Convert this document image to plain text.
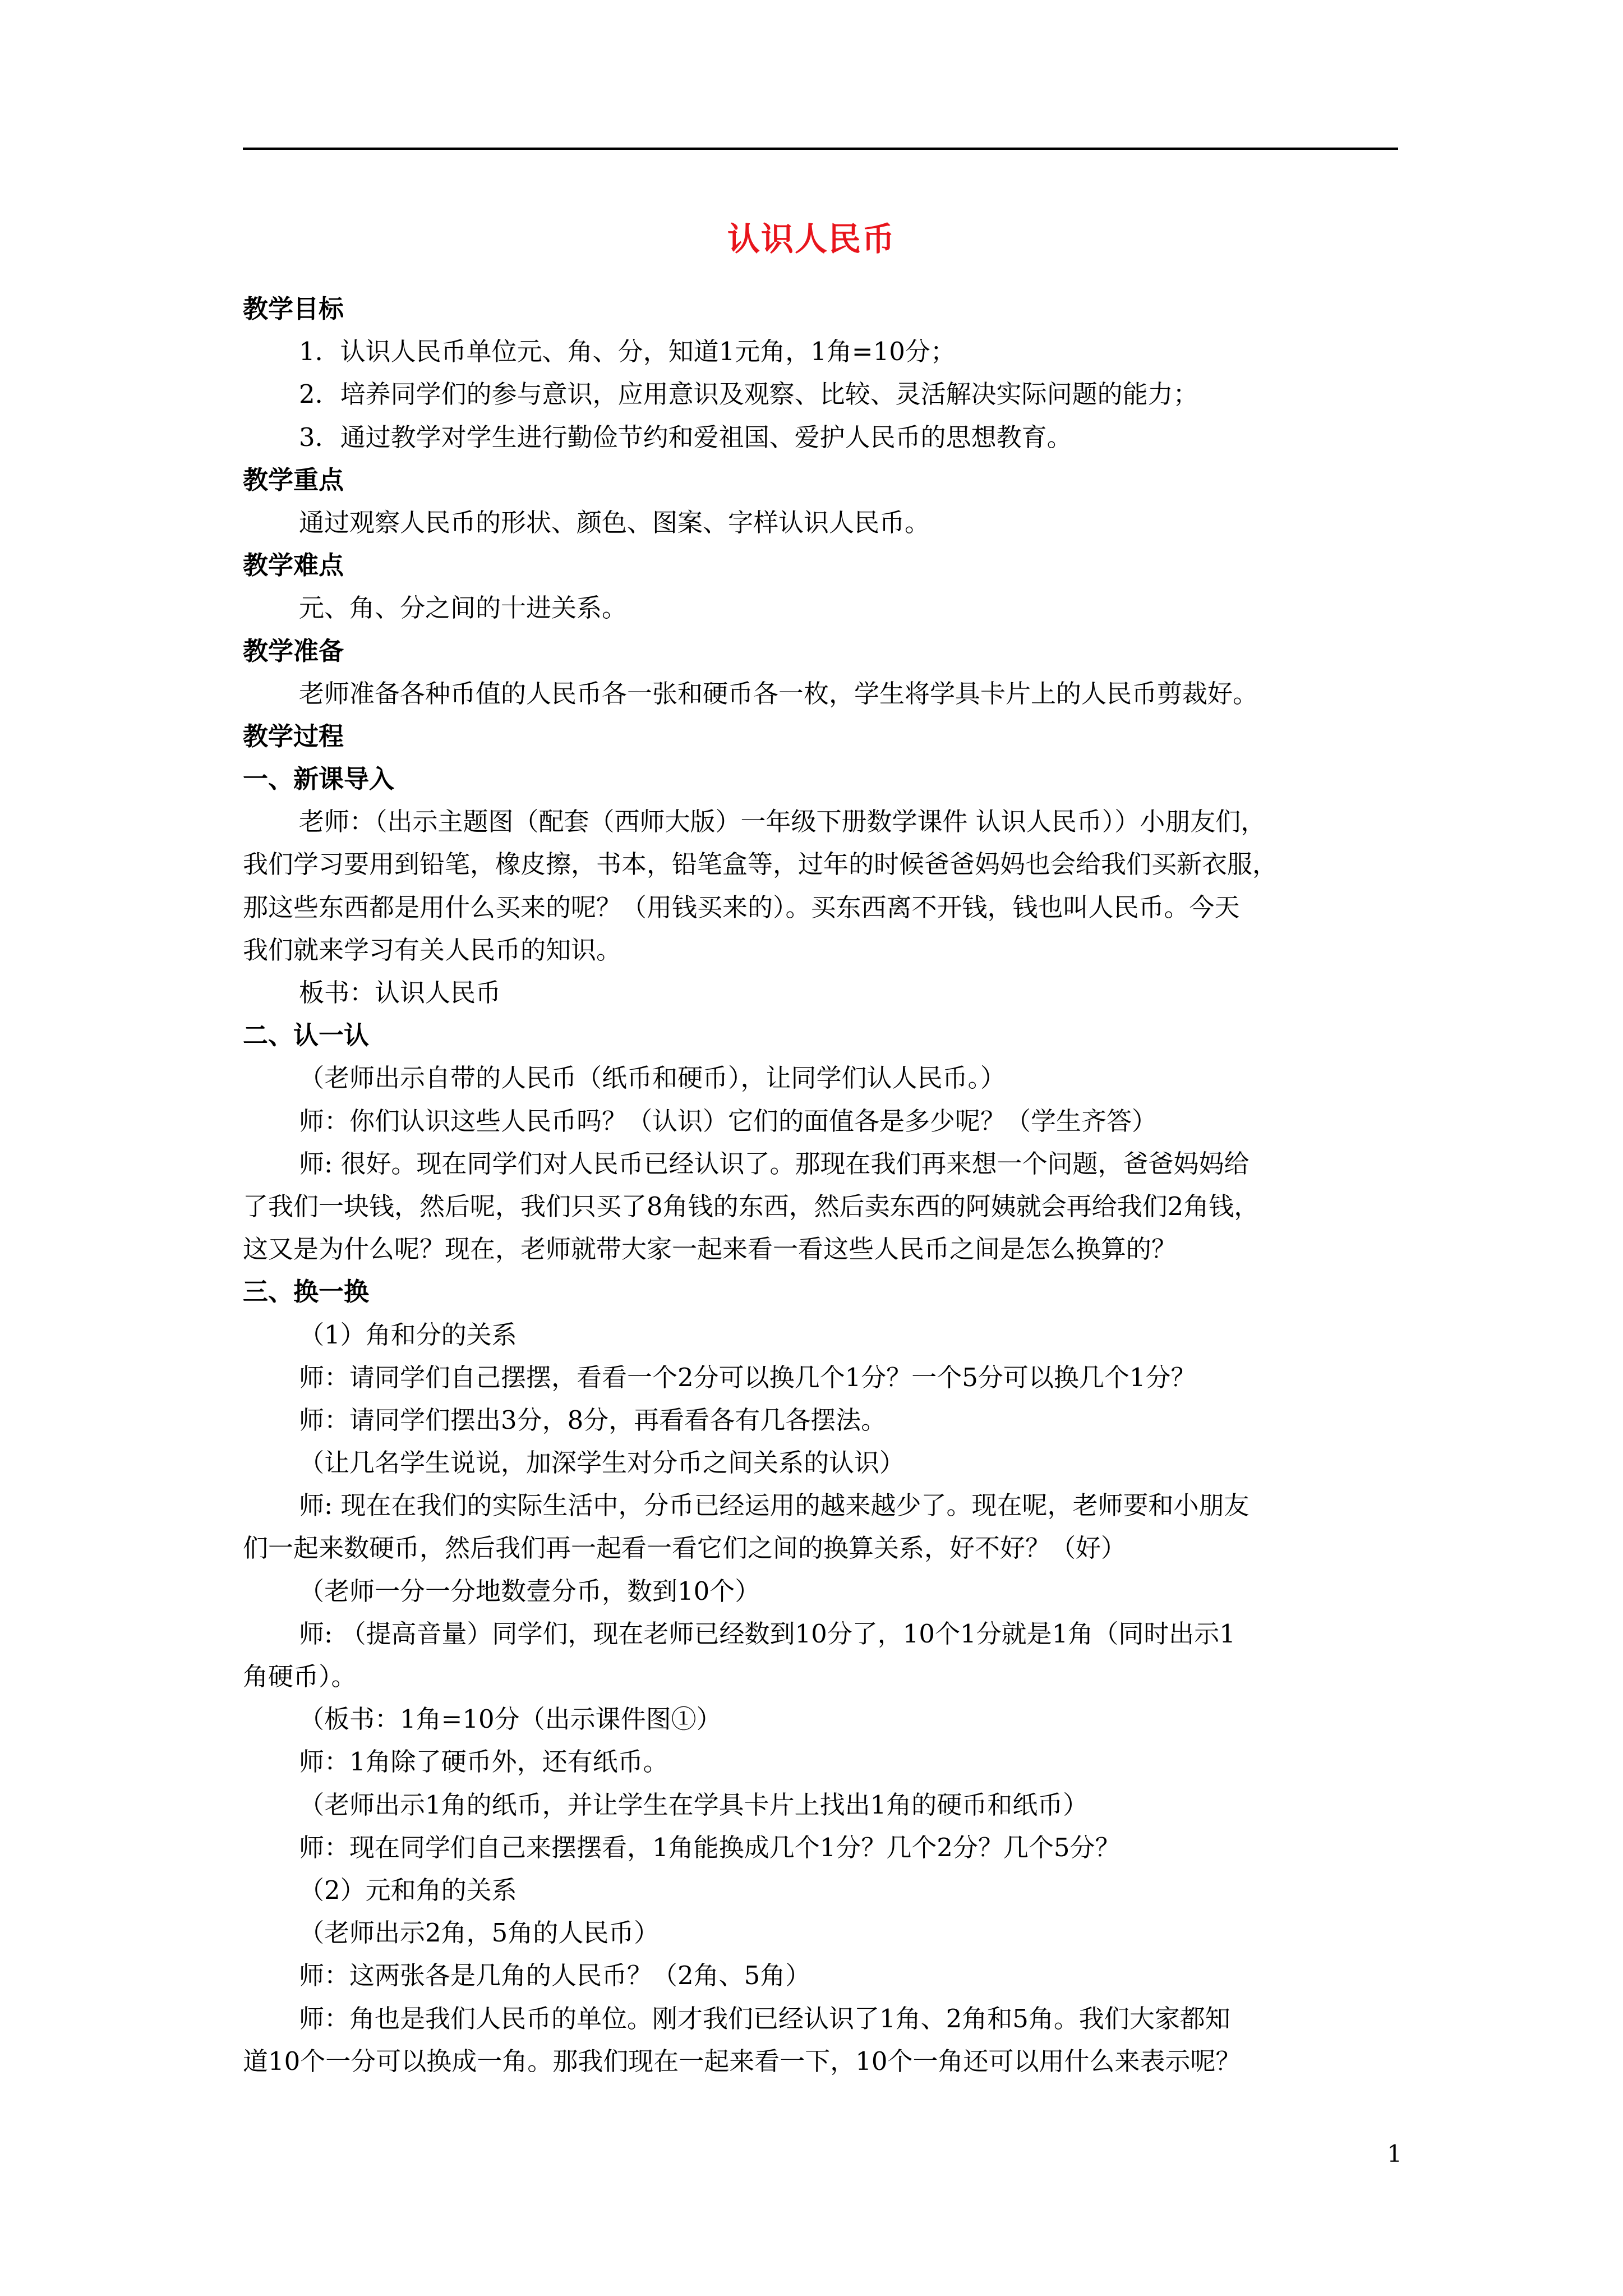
认识人民币

教学目标

1．认识人民币单位元、角、分，知道1元角，1角=10分；

2．培养同学们的参与意识，应用意识及观察、比较、灵活解决实际问题的能力；

3．通过教学对学生进行勤俭节约和爱祖国、爱护人民币的思想教育。

教学重点

通过观察人民币的形状、颜色、图案、字样认识人民币。

教学难点

元、角、分之间的十进关系。

教学准备

老师准备各种币值的人民币各一张和硬币各一枚，学生将学具卡片上的人民币剪裁好。

教学过程

一、新课导入

老师：（出示主题图（配套（西师大版）一年级下册数学课件 认识人民币））小朋友们，

我们学习要用到铅笔，橡皮擦，书本，铅笔盒等，过年的时候爸爸妈妈也会给我们买新衣服，

那这些东西都是用什么买来的呢？（用钱买来的）。买东西离不开钱，钱也叫人民币。今天

我们就来学习有关人民币的知识。

板书：认识人民币

二、认一认

（老师出示自带的人民币（纸币和硬币），让同学们认人民币。）

师：你们认识这些人民币吗？（认识）它们的面值各是多少呢？（学生齐答）

师: 很好。现在同学们对人民币已经认识了。那现在我们再来想一个问题，爸爸妈妈给

了我们一块钱，然后呢，我们只买了8角钱的东西，然后卖东西的阿姨就会再给我们2角钱，

这又是为什么呢？现在，老师就带大家一起来看一看这些人民币之间是怎么换算的？

三、换一换

（1）角和分的关系

师：请同学们自己摆摆，看看一个2分可以换几个1分？一个5分可以换几个1分？

师：请同学们摆出3分，8分，再看看各有几各摆法。

（让几名学生说说，加深学生对分币之间关系的认识）

师: 现在在我们的实际生活中，分币已经运用的越来越少了。现在呢，老师要和小朋友

们一起来数硬币，然后我们再一起看一看它们之间的换算关系，好不好？（好）

（老师一分一分地数壹分币，数到10个）

师: （提高音量）同学们，现在老师已经数到10分了，10个1分就是1角（同时出示1

角硬币）。

（板书：1角=10分（出示课件图①）

师：1角除了硬币外，还有纸币。

（老师出示1角的纸币，并让学生在学具卡片上找出1角的硬币和纸币）

师：现在同学们自己来摆摆看，1角能换成几个1分？几个2分？几个5分？

（2）元和角的关系

（老师出示2角，5角的人民币）

师：这两张各是几角的人民币？（2角、5角）

师：角也是我们人民币的单位。刚才我们已经认识了1角、2角和5角。我们大家都知

道10个一分可以换成一角。那我们现在一起来看一下，10个一角还可以用什么来表示呢？

1
